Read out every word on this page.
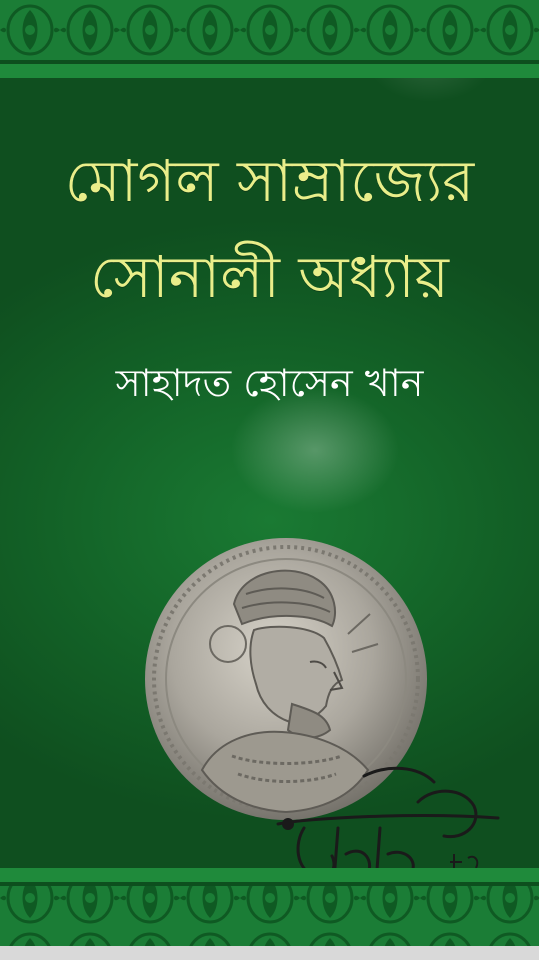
মোগল সাম্রাজ্যের
সোনালী অধ্যায়
সাহাদত হোসেন খান
